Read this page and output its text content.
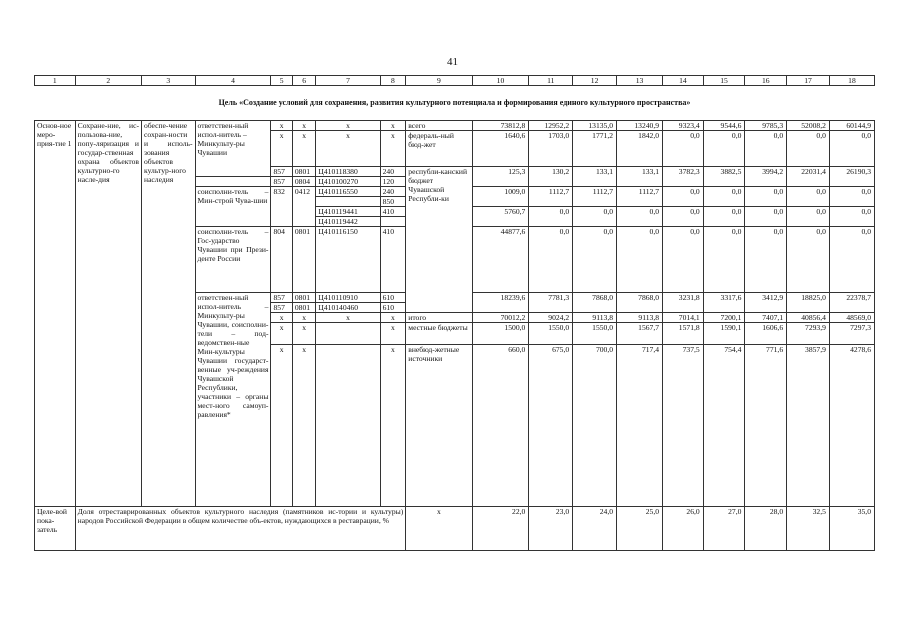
41
1	2	3	4	5	6	7	8	9	10	11	12	13	14	15	16	17	18
Цель «Создание условий для сохранения, развития культурного потенциала и формирования единого культурного пространства»
Основ-ное меро-прия-тие 1	Сохране-ние, ис-пользова-ние, попу-ляризация и государ-ственная охрана объектов культурно-го насле-дия	обеспе-чение сохран-ности и исполь-зования объектов культур-ного наследия	ответствен-ный испол-нитель – Минкульту-ры Чувашии	x	x	x	x	всего	73812,8	12952,2	13135,0	13240,9	9323,4	9544,6	9785,3	52008,2	60144,9
				x	x	x	x	федераль-ный бюд-жет	1640,6	1703,0	1771,2	1842,0	0,0	0,0	0,0	0,0	0,0
				857	0801	Ц410118380	240	республи-канский бюджет Чувашской Республи-ки	125,3	130,2	133,1	133,1	3782,3	3882,5	3994,2	22031,4	26190,3
				857	0804	Ц410100270	120										
			соисполни-тель – Мин-строй Чува-шии	832	0412	Ц410116550	240		1009,0	1112,7	1112,7	1112,7	0,0	0,0	0,0	0,0	0,0
							850										
						Ц410119441	410		5760,7	0,0	0,0	0,0	0,0	0,0	0,0	0,0	0,0
						Ц410119442											
			соисполни-тель – Гос-ударство Чувашии при Прези-денте России	804	0801	Ц410116150	410		44877,6	0,0	0,0	0,0	0,0	0,0	0,0	0,0	0,0
			ответствен-ный испол-нитель – Минкульту-ры Чувашии, соисполни-тели – под-ведомствен-ные Мин-культуры Чувашии государст-венные уч-реждения Чувашской Республики, участники – органы мест-ного самоуп-равления*	857	0801	Ц410110910	610		18239,6	7781,3	7868,0	7868,0	3231,8	3317,6	3412,9	18825,0	22378,7
				857	0801	Ц410140460	610										
				x	x	x	x	итого	70012,2	9024,2	9113,8	9113,8	7014,1	7200,1	7407,1	40856,4	48569,0
				x	x		x	местные бюджеты	1500,0	1550,0	1550,0	1567,7	1571,8	1590,1	1606,6	7293,9	7297,3
				x	x		x	внебюд-жетные источники	660,0	675,0	700,0	717,4	737,5	754,4	771,6	3857,9	4278,6
Целе-вой пока-затель	Доля отреставрированных объектов культурного наследия (памятников ис-тории и культуры) народов Российской Федерации в общем количестве объ-ектов, нуждающихся в реставрации, %							x	22,0	23,0	24,0	25,0	26,0	27,0	28,0	32,5	35,0
